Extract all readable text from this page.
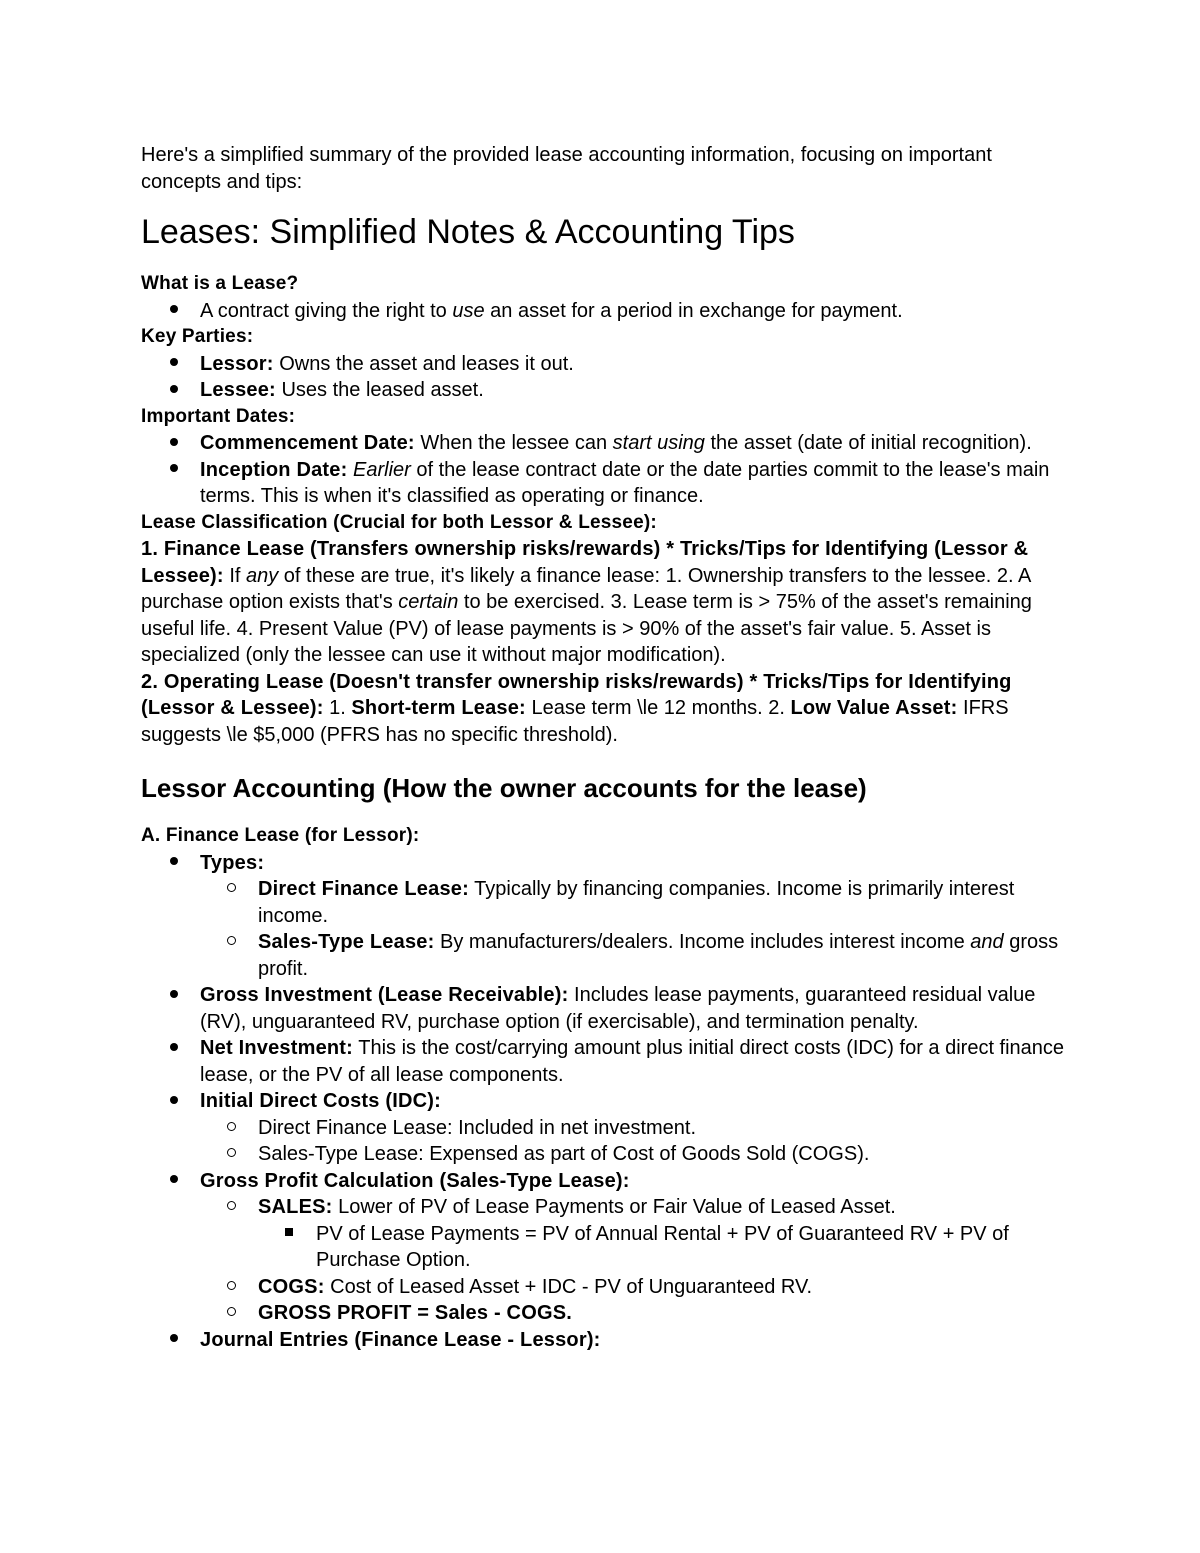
Here's a simplified summary of the provided lease accounting information, focusing on important concepts and tips:

Leases: Simplified Notes & Accounting Tips
What is a Lease?
A contract giving the right to use an asset for a period in exchange for payment.
Key Parties:
Lessor: Owns the asset and leases it out.
Lessee: Uses the leased asset.
Important Dates:
Commencement Date: When the lessee can start using the asset (date of initial recognition).
Inception Date: Earlier of the lease contract date or the date parties commit to the lease's main terms. This is when it's classified as operating or finance.
Lease Classification (Crucial for both Lessor & Lessee):

1. Finance Lease (Transfers ownership risks/rewards) * Tricks/Tips for Identifying (Lessor & Lessee): If any of these are true, it's likely a finance lease: 1. Ownership transfers to the lessee. 2. A purchase option exists that's certain to be exercised. 3. Lease term is > 75% of the asset's remaining useful life. 4. Present Value (PV) of lease payments is > 90% of the asset's fair value. 5. Asset is specialized (only the lessee can use it without major modification).

2. Operating Lease (Doesn't transfer ownership risks/rewards) * Tricks/Tips for Identifying (Lessor & Lessee): 1. Short-term Lease: Lease term \le 12 months. 2. Low Value Asset: IFRS suggests \le $5,000 (PFRS has no specific threshold).

Lessor Accounting (How the owner accounts for the lease)
A. Finance Lease (for Lessor):
Types:
Direct Finance Lease: Typically by financing companies. Income is primarily interest income.
Sales-Type Lease: By manufacturers/dealers. Income includes interest income and gross profit.
Gross Investment (Lease Receivable): Includes lease payments, guaranteed residual value (RV), unguaranteed RV, purchase option (if exercisable), and termination penalty.
Net Investment: This is the cost/carrying amount plus initial direct costs (IDC) for a direct finance lease, or the PV of all lease components.
Initial Direct Costs (IDC):
Direct Finance Lease: Included in net investment.
Sales-Type Lease: Expensed as part of Cost of Goods Sold (COGS).
Gross Profit Calculation (Sales-Type Lease):
SALES: Lower of PV of Lease Payments or Fair Value of Leased Asset.
PV of Lease Payments = PV of Annual Rental + PV of Guaranteed RV + PV of Purchase Option.
COGS: Cost of Leased Asset + IDC - PV of Unguaranteed RV.
GROSS PROFIT = Sales - COGS.
Journal Entries (Finance Lease - Lessor):
